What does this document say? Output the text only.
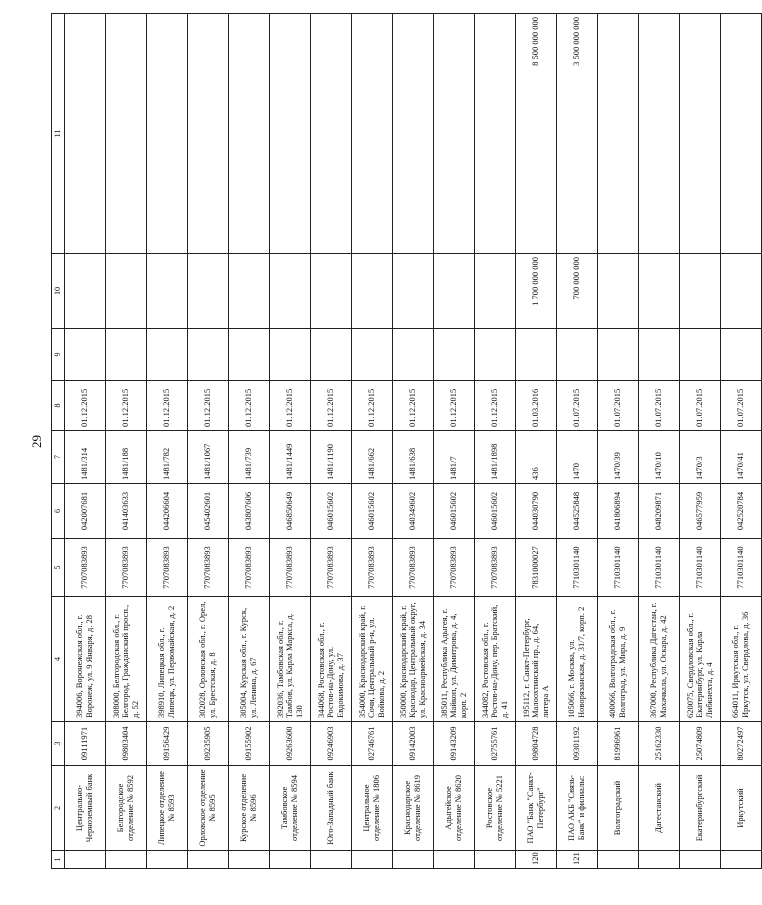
29
1	2	3	4	5	6	7	8	9	10	11
	Центрально-Черноземный банк	09111971	394006, Воронежская обл., г. Воронеж, ул. 9 Января, д. 28	7707083893	042007681	1481/314	01.12.2015			
	Белгородское отделение № 8592	09803404	308000, Белгородская обл., г. Белгород, Гражданский просп., д. 52	7707083893	041403633	1481/188	01.12.2015			
	Липецкое отделение № 8593	09156429	398910, Липецкая обл., г. Липецк, ул. Первомайская, д. 2	7707083893	044206604	1481/782	01.12.2015			
	Орловское отделение № 8595	09235905	302028, Орловская обл., г. Орел, ул. Брестская, д. 8	7707083893	045402601	1481/1067	01.12.2015			
	Курское отделение № 8596	09155902	305004, Курская обл., г. Курск, ул. Ленина, д. 67	7707083893	043807606	1481/739	01.12.2015			
	Тамбовское отделение № 8594	09263600	392036, Тамбовская обл., г. Тамбов, ул. Карла Маркса, д. 130	7707083893	046850649	1481/1449	01.12.2015			
	Юго-Западный банк	09246903	344068, Ростовская обл., г. Ростов-на-Дону, ул. Евдокимова, д. 37	7707083893	046015602	1481/1190	01.12.2015			
	Центральное отделение № 1806	02746761	354000, Краснодарский край, г. Сочи, Центральный р-н, ул. Войкова, д. 2	7707083893	046015602	1481/662	01.12.2015			
	Краснодарское отделение № 8619	09142003	350000, Краснодарский край, г. Краснодар, Центральный округ, ул. Красноармейская, д. 34	7707083893	040349602	1481/638	01.12.2015			
	Адыгейское отделение № 8620	09143209	385011, Республика Адыгея, г. Майкоп, ул. Димитрова, д. 4, корп. 2	7707083893	046015602	1481/7	01.12.2015			
	Ростовское отделение № 5221	02755761	344082, Ростовская обл., г. Ростов-на-Дону, пер. Братский, д. 41	7707083893	046015602	1481/1898	01.12.2015			
120	ПАО "Банк "Санкт-Петербург"	09804728	195112, г. Санкт-Петербург, Малоохтинский пр., д. 64, литера А	7831000027	044030790	436	01.03.2016		1 700 000 000	8 500 000 000
121	ПАО АКБ "Связь-Банк" и филиалы:	09301192	105066, г. Москва, ул. Новорязанская, д. 31/7, корп. 2	7710301140	044525848	1470	01.07.2015		700 000 000	3 500 000 000
	Волгоградский	81996961	400066, Волгоградская обл., г. Волгоград, ул. Мира, д. 9	7710301140	041806894	1470/39	01.07.2015			
	Дагестанский	25162330	367000, Республика Дагестан, г. Махачкала, ул. Оскара, д. 42	7710301140	048209871	1470/10	01.07.2015			
	Екатеринбургский	25074809	620075, Свердловская обл., г. Екатеринбург, ул. Карла Либкнехта, д. 4	7710301140	046577959	1470/3	01.07.2015			
	Иркутский	80272497	664011, Иркутская обл., г. Иркутск, ул. Свердлова, д. 36	7710301140	042520784	1470/41	01.07.2015			
